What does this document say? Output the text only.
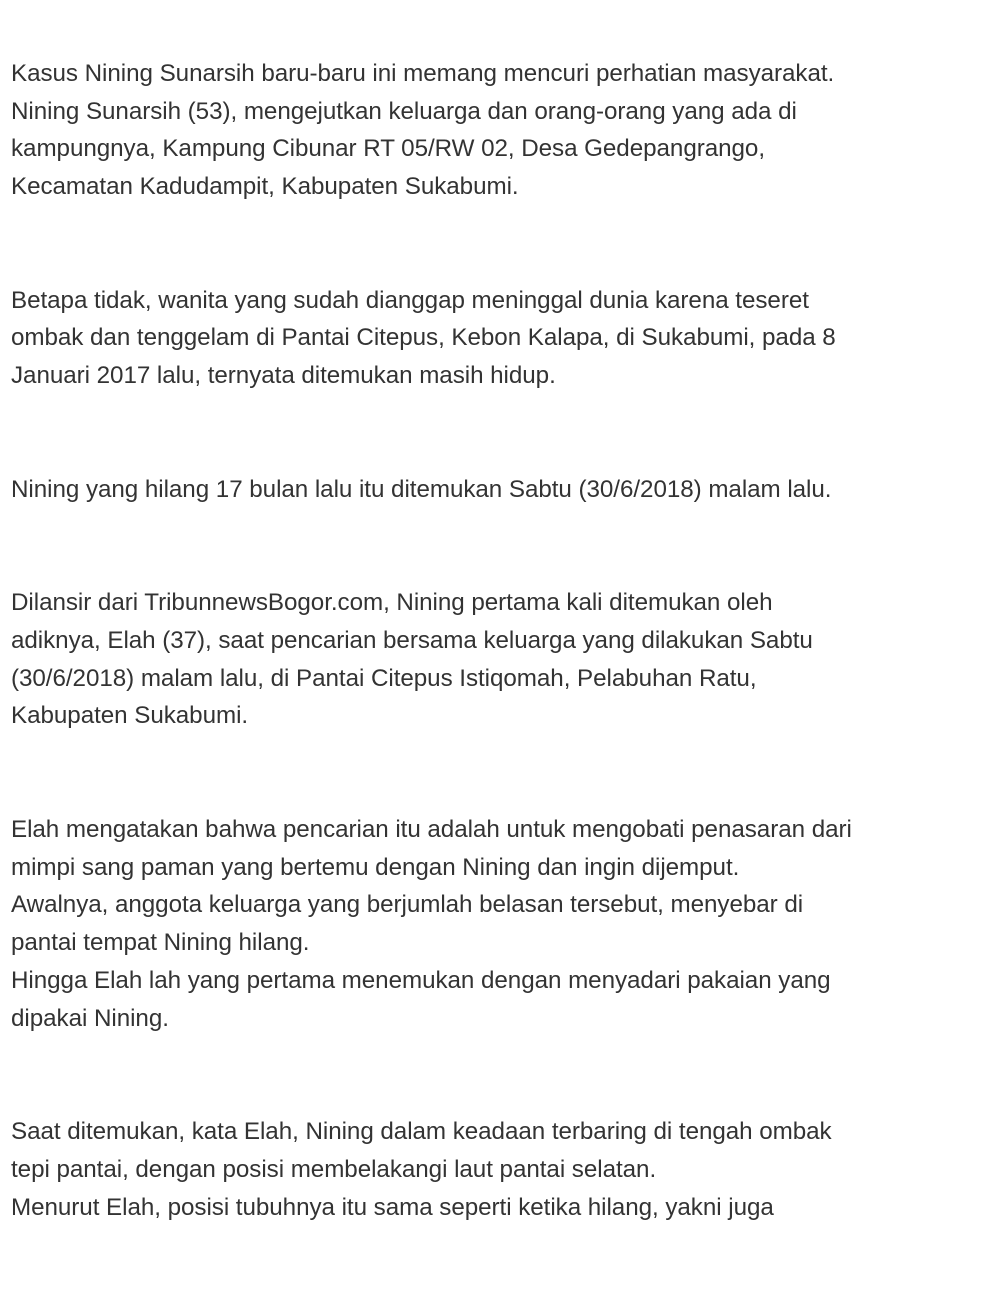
Kasus Nining Sunarsih baru-baru ini memang mencuri perhatian masyarakat.
Nining Sunarsih (53), mengejutkan keluarga dan orang-orang yang ada di
kampungnya, Kampung Cibunar RT 05/RW 02, Desa Gedepangrango,
Kecamatan Kadudampit, Kabupaten Sukabumi.

Betapa tidak, wanita yang sudah dianggap meninggal dunia karena teseret
ombak dan tenggelam di Pantai Citepus, Kebon Kalapa, di Sukabumi, pada 8
Januari 2017 lalu, ternyata ditemukan masih hidup.

Nining yang hilang 17 bulan lalu itu ditemukan Sabtu (30/6/2018) malam lalu.

Dilansir dari TribunnewsBogor.com, Nining pertama kali ditemukan oleh
adiknya, Elah (37), saat pencarian bersama keluarga yang dilakukan Sabtu
(30/6/2018) malam lalu, di Pantai Citepus Istiqomah, Pelabuhan Ratu,
Kabupaten Sukabumi.

Elah mengatakan bahwa pencarian itu adalah untuk mengobati penasaran dari
mimpi sang paman yang bertemu dengan Nining dan ingin dijemput.
Awalnya, anggota keluarga yang berjumlah belasan tersebut, menyebar di
pantai tempat Nining hilang.
Hingga Elah lah yang pertama menemukan dengan menyadari pakaian yang
dipakai Nining.

Saat ditemukan, kata Elah, Nining dalam keadaan terbaring di tengah ombak
tepi pantai, dengan posisi membelakangi laut pantai selatan.
Menurut Elah, posisi tubuhnya itu sama seperti ketika hilang, yakni juga
